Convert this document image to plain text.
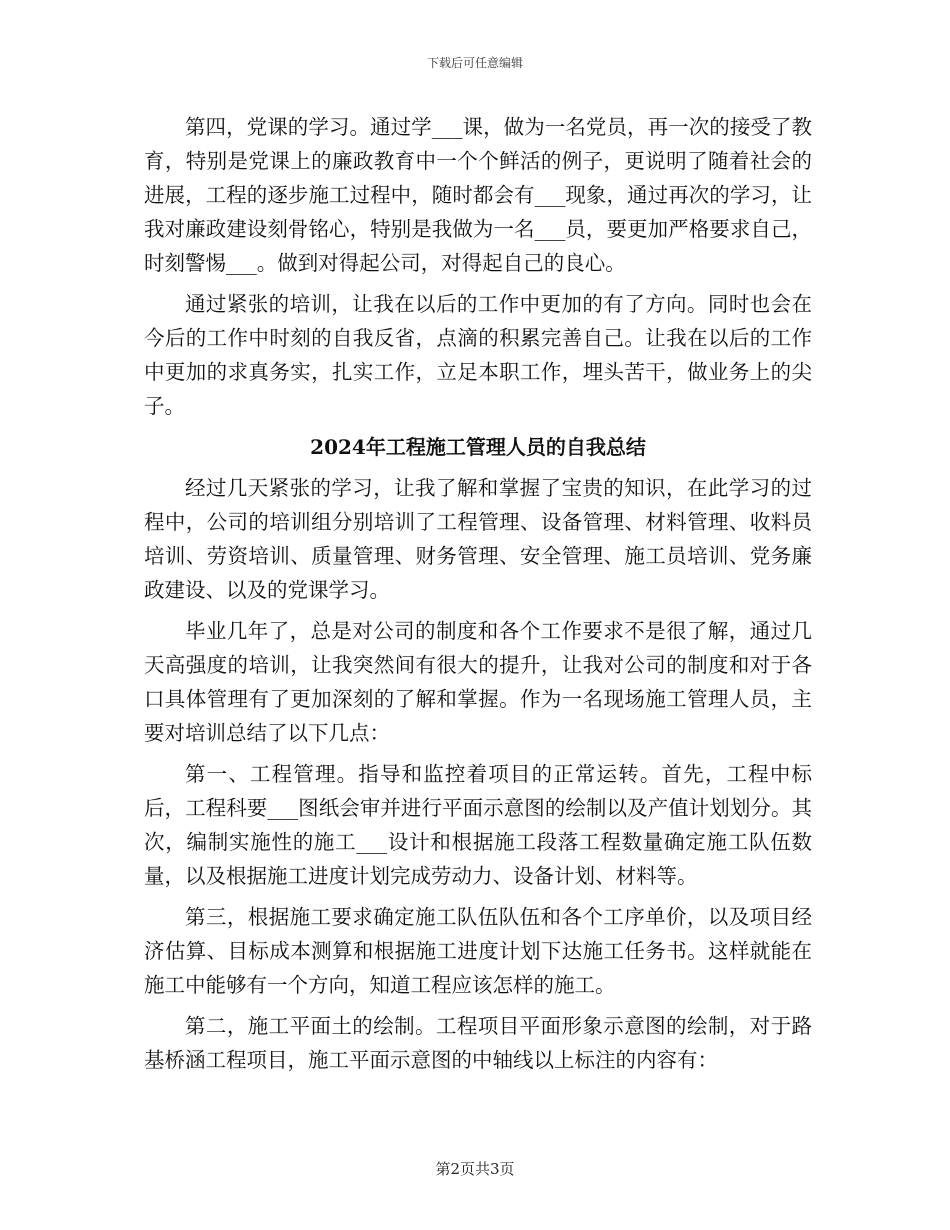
下载后可任意编辑

第四，党课的学习。通过学___课，做为一名党员，再一次的接受了教育，特别是党课上的廉政教育中一个个鲜活的例子，更说明了随着社会的进展，工程的逐步施工过程中，随时都会有___现象，通过再次的学习，让我对廉政建设刻骨铭心，特别是我做为一名___员，要更加严格要求自己，时刻警惕___。做到对得起公司，对得起自己的良心。

通过紧张的培训，让我在以后的工作中更加的有了方向。同时也会在今后的工作中时刻的自我反省，点滴的积累完善自己。让我在以后的工作中更加的求真务实，扎实工作，立足本职工作，埋头苦干，做业务上的尖子。

2024年工程施工管理人员的自我总结

经过几天紧张的学习，让我了解和掌握了宝贵的知识，在此学习的过程中，公司的培训组分别培训了工程管理、设备管理、材料管理、收料员培训、劳资培训、质量管理、财务管理、安全管理、施工员培训、党务廉政建设、以及的党课学习。

毕业几年了，总是对公司的制度和各个工作要求不是很了解，通过几天高强度的培训，让我突然间有很大的提升，让我对公司的制度和对于各口具体管理有了更加深刻的了解和掌握。作为一名现场施工管理人员，主要对培训总结了以下几点：

第一、工程管理。指导和监控着项目的正常运转。首先，工程中标后，工程科要___图纸会审并进行平面示意图的绘制以及产值计划划分。其次，编制实施性的施工___设计和根据施工段落工程数量确定施工队伍数量，以及根据施工进度计划完成劳动力、设备计划、材料等。

第三，根据施工要求确定施工队伍队伍和各个工序单价，以及项目经济估算、目标成本测算和根据施工进度计划下达施工任务书。这样就能在施工中能够有一个方向，知道工程应该怎样的施工。

第二，施工平面土的绘制。工程项目平面形象示意图的绘制，对于路基桥涵工程项目，施工平面示意图的中轴线以上标注的内容有：

第2页共3页
